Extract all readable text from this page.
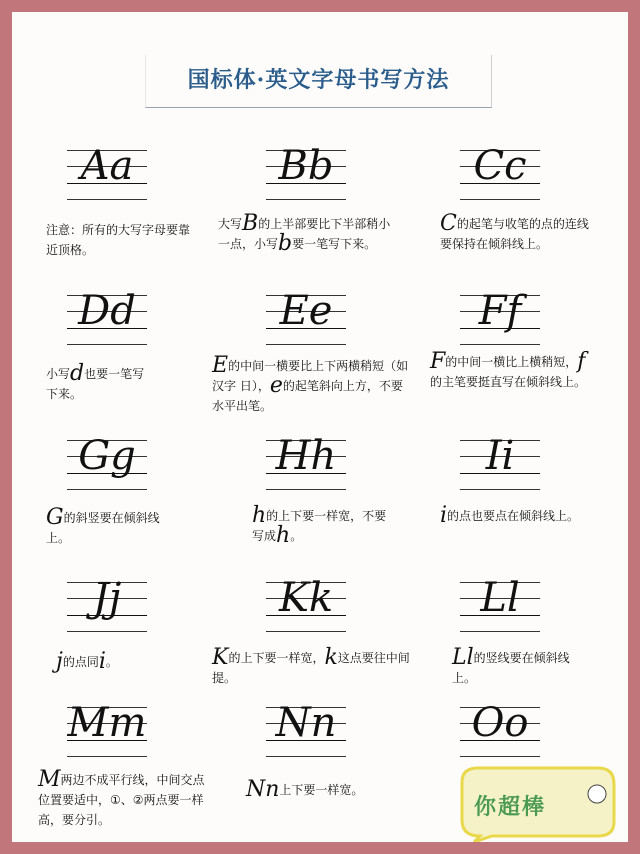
国标体·英文字母书写方法
Aa
注意：所有的大写字母要靠近顶格。
Bb
大写B的上半部要比下半部稍小一点，小写b要一笔写下来。
Cc
C的起笔与收笔的点的连线要保持在倾斜线上。
Dd
小写d也要一笔写下来。
Ee
E的中间一横要比上下两横稍短（如汉字 日），e的起笔斜向上方，不要水平出笔。
Ff
F的中间一横比上横稍短，f的主笔要挺直写在倾斜线上。
Gg
G的斜竖要在倾斜线上。
Hh
h的上下要一样宽，不要写成h。
Ii
i的点也要点在倾斜线上。
Jj
j的点同i。
Kk
K的上下要一样宽，k这点要往中间提。
Ll
Ll的竖线要在倾斜线上。
Mm
M两边不成平行线，中间交点位置要适中，①、②两点要一样高，要分引。
Nn
Nn上下要一样宽。
Oo
你超棒
